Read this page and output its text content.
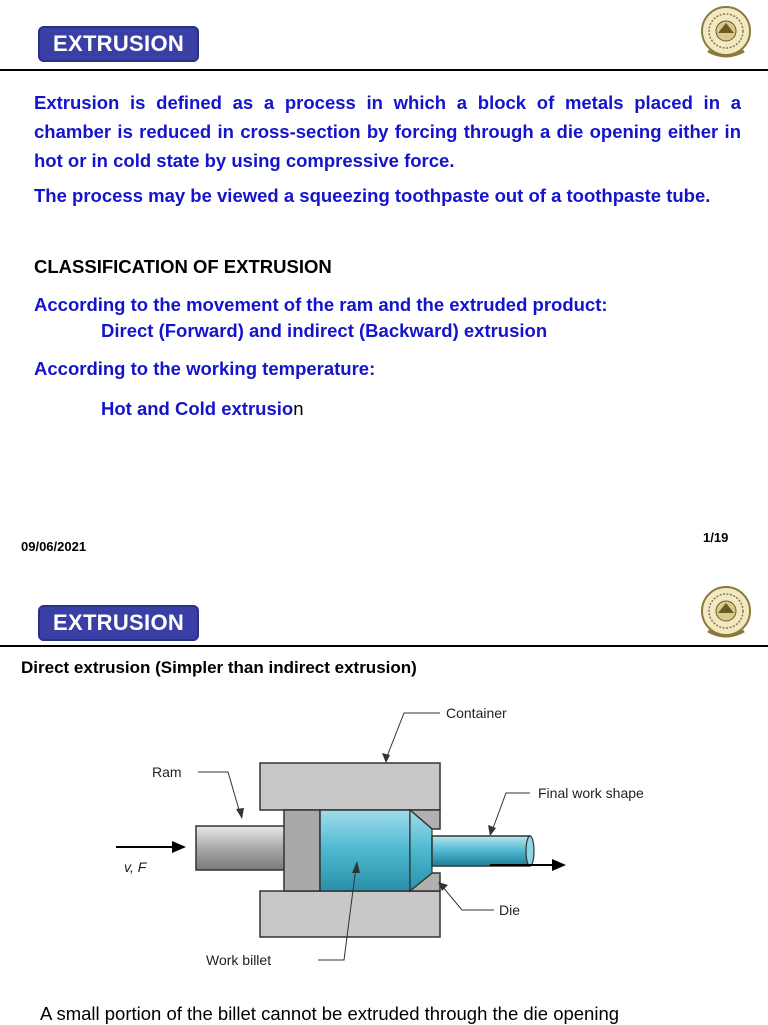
EXTRUSION
Extrusion is defined as a process in which a block of metals placed in a chamber is reduced in cross-section by forcing through a die opening either in hot or in cold state by using compressive force.
The process may be viewed a squeezing toothpaste out of a toothpaste tube.
CLASSIFICATION OF EXTRUSION
According to the movement of the ram and the extruded product:
Direct (Forward) and indirect (Backward) extrusion
According to the working temperature:
Hot and Cold extrusion
09/06/2021
1/19
EXTRUSION
Direct extrusion (Simpler than indirect extrusion)
Container
Ram
Final work shape
v, F
Die
Work billet
A small portion of the billet cannot be extruded through the die opening
